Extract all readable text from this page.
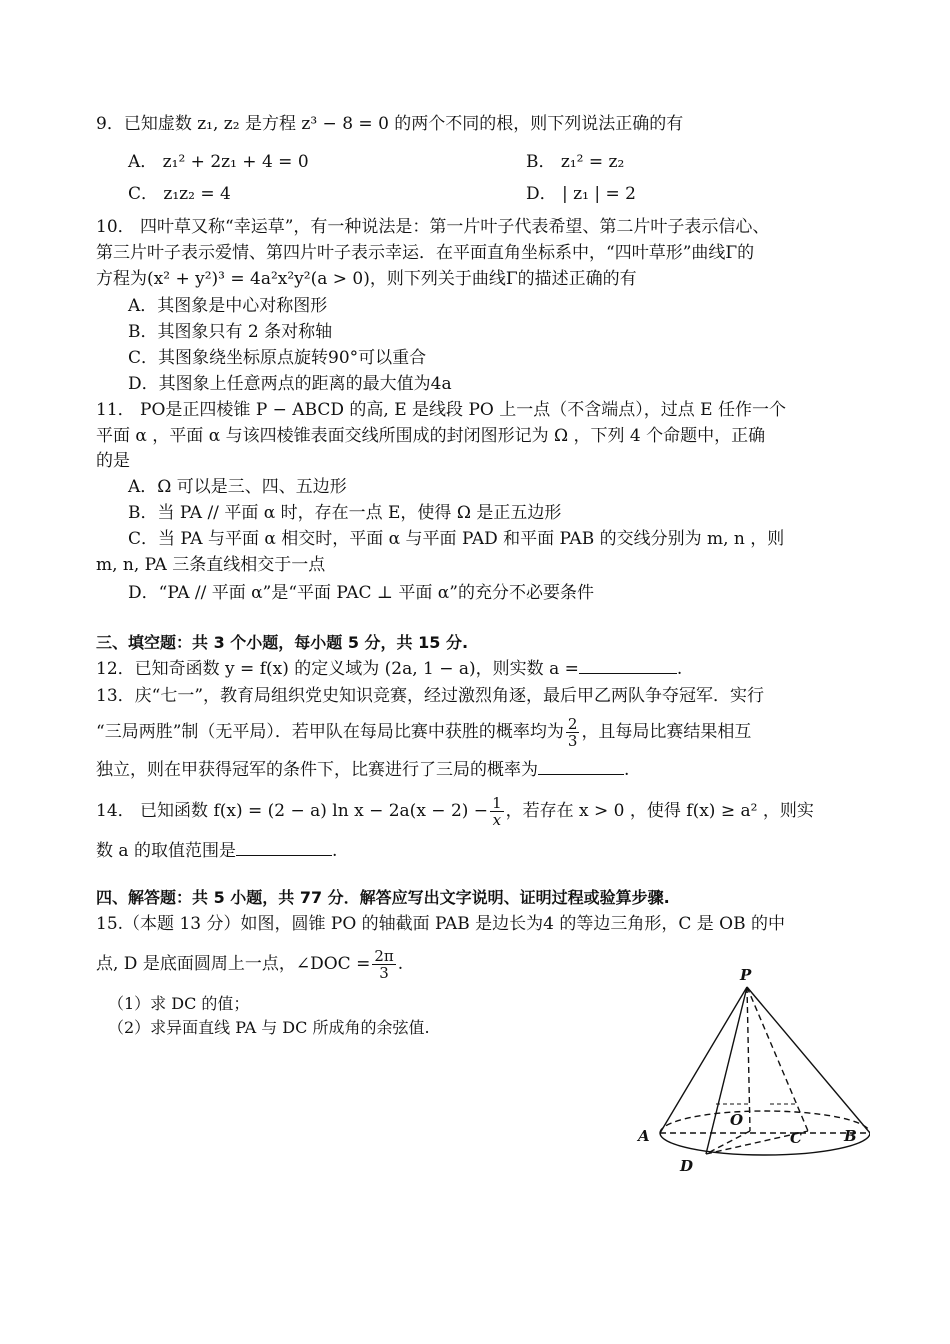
9．已知虚数 z₁, z₂ 是方程 z³ − 8 = 0 的两个不同的根，则下列说法正确的有
A． z₁² + 2z₁ + 4 = 0	B． z₁² = z₂
C． z₁z₂ = 4	D． | z₁ | = 2
10． 四叶草又称“幸运草”，有一种说法是：第一片叶子代表希望、第二片叶子表示信心、
第三片叶子表示爱情、第四片叶子表示幸运．在平面直角坐标系中，“四叶草形”曲线Γ的
方程为(x² + y²)³ = 4a²x²y²(a > 0)，则下列关于曲线Γ的描述正确的有
A．其图象是中心对称图形
B．其图象只有 2 条对称轴
C．其图象绕坐标原点旋转90°可以重合
D．其图象上任意两点的距离的最大值为4a
11． PO是正四棱锥 P − ABCD 的高, E 是线段 PO 上一点（不含端点），过点 E 任作一个
平面 α ，平面 α 与该四棱锥表面交线所围成的封闭图形记为 Ω ，下列 4 个命题中，正确
的是
A．Ω 可以是三、四、五边形
B．当 PA // 平面 α 时，存在一点 E，使得 Ω 是正五边形
C．当 PA 与平面 α 相交时，平面 α 与平面 PAD 和平面 PAB 的交线分别为 m, n ，则
m, n, PA 三条直线相交于一点
D．“PA // 平面 α”是“平面 PAC ⊥ 平面 α”的充分不必要条件
三、填空题：共 3 个小题，每小题 5 分，共 15 分.
12．已知奇函数 y = f(x) 的定义域为 (2a, 1 − a)，则实数 a =	.
13．庆“七一”，教育局组织党史知识竞赛，经过激烈角逐，最后甲乙两队争夺冠军．实行
“三局两胜”制（无平局）．若甲队在每局比赛中获胜的概率均为 $\frac{2}{3}$ ，且每局比赛结果相互
独立，则在甲获得冠军的条件下，比赛进行了三局的概率为	.
14． 已知函数 f(x) = (2 − a) $\ln x - 2a(x - 2) - \frac{1}{x}$ ，若存在 x > 0 ，使得 f(x) ≥ a² ，则实
数 a 的取值范围是	.
四、解答题：共 5 小题，共 77 分．解答应写出文字说明、证明过程或验算步骤.
15.（本题 13 分）如图，圆锥 PO 的轴截面 PAB 是边长为4 的等边三角形，C 是 OB 的中
点, D 是底面圆周上一点，∠DOC = $\frac{2\pi}{3}$ .
（1）求 DC 的值；
（2）求异面直线 PA 与 DC 所成角的余弦值.
P
O
A	B
C
D
